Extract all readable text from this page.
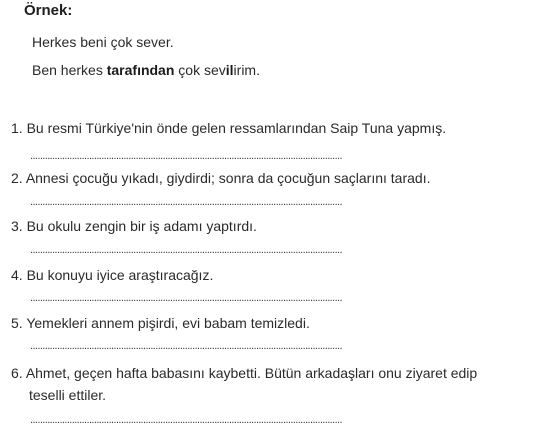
Örnek:
Herkes beni çok sever.
Ben herkes tarafından çok sevilirim.
1. Bu resmi Türkiye'nin önde gelen ressamlarından Saip Tuna yapmış.
...............................................................................................................................
2. Annesi çocuğu yıkadı, giydirdi; sonra da çocuğun saçlarını taradı.
...............................................................................................................................
3. Bu okulu zengin bir iş adamı yaptırdı.
...............................................................................................................................
4. Bu konuyu iyice araştıracağız.
...............................................................................................................................
5. Yemekleri annem pişirdi, evi babam temizledi.
...............................................................................................................................
6. Ahmet, geçen hafta babasını kaybetti. Bütün arkadaşları onu ziyaret edip
teselli ettiler.
...............................................................................................................................
